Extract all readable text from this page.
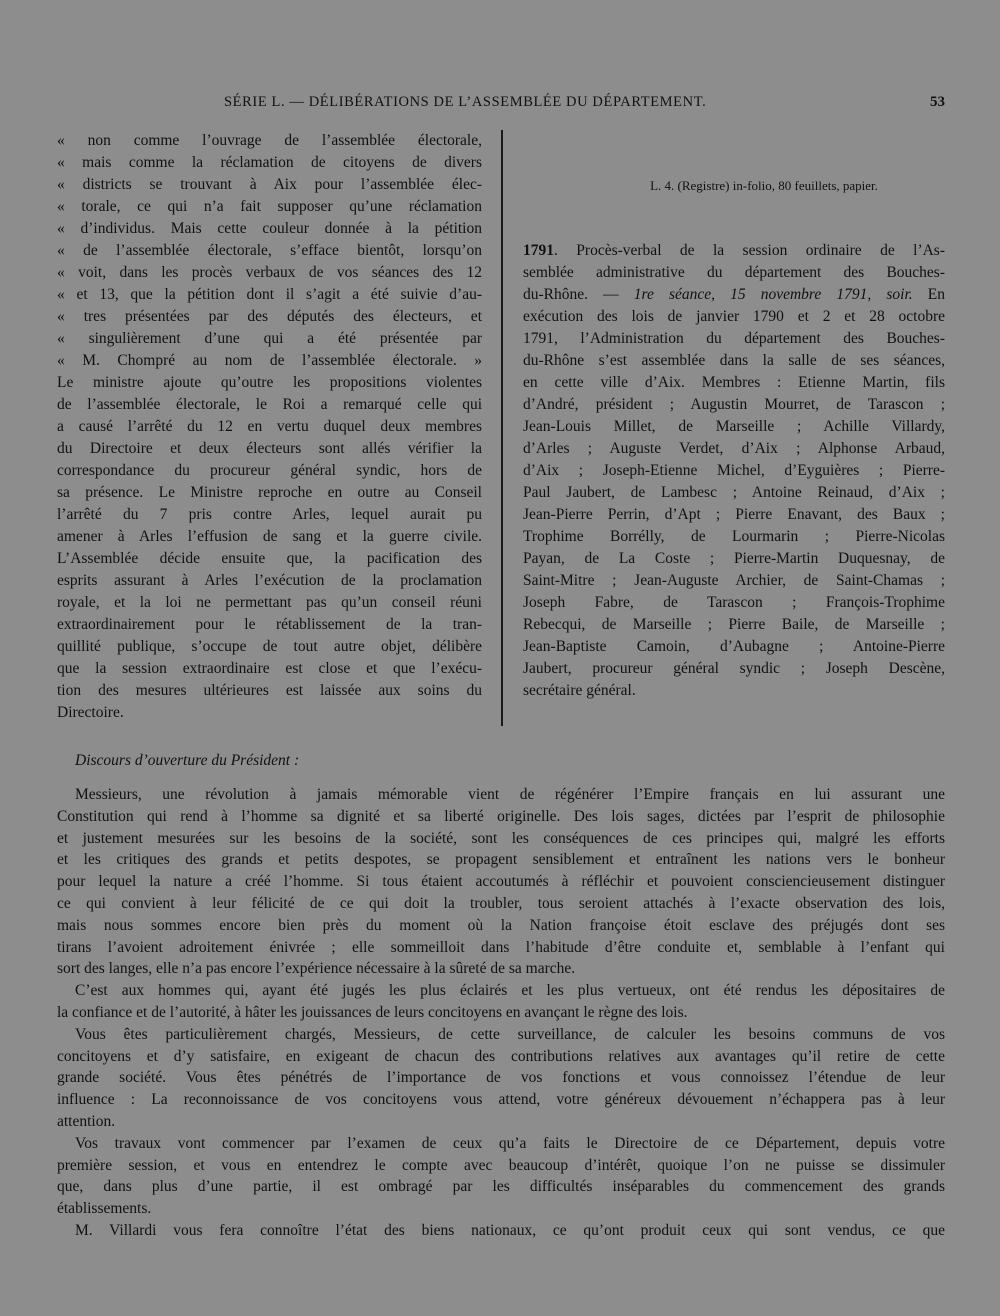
SÉRIE L. — DÉLIBÉRATIONS DE L’ASSEMBLÉE DU DÉPARTEMENT.	53
« non comme l’ouvrage de l’assemblée électorale,
« mais comme la réclamation de citoyens de divers
« districts se trouvant à Aix pour l’assemblée élec-
« torale, ce qui n’a fait supposer qu’une réclamation
« d’individus. Mais cette couleur donnée à la pétition
« de l’assemblée électorale, s’efface bientôt, lorsqu’on
« voit, dans les procès verbaux de vos séances des 12
« et 13, que la pétition dont il s’agit a été suivie d’au-
« tres présentées par des députés des électeurs, et
« singulièrement d’une qui a été présentée par
« M. Chompré au nom de l’assemblée électorale. »
Le ministre ajoute qu’outre les propositions violentes
de l’assemblée électorale, le Roi a remarqué celle qui
a causé l’arrêté du 12 en vertu duquel deux membres
du Directoire et deux électeurs sont allés vérifier la
correspondance du procureur général syndic, hors de
sa présence. Le Ministre reproche en outre au Conseil
l’arrêté du 7 pris contre Arles, lequel aurait pu
amener à Arles l’effusion de sang et la guerre civile.
L’Assemblée décide ensuite que, la pacification des
esprits assurant à Arles l’exécution de la proclamation
royale, et la loi ne permettant pas qu’un conseil réuni
extraordinairement pour le rétablissement de la tran-
quillité publique, s’occupe de tout autre objet, délibère
que la session extraordinaire est close et que l’exécu-
tion des mesures ultérieures est laissée aux soins du
Directoire.
L. 4. (Registre) in-folio, 80 feuillets, papier.
1791. Procès-verbal de la session ordinaire de l’As-
semblée administrative du département des Bouches-
du-Rhône. — 1re séance, 15 novembre 1791, soir. En
exécution des lois de janvier 1790 et 2 et 28 octobre
1791, l’Administration du département des Bouches-
du-Rhône s’est assemblée dans la salle de ses séances,
en cette ville d’Aix. Membres : Etienne Martin, fils
d’André, président ; Augustin Mourret, de Tarascon ;
Jean-Louis Millet, de Marseille ; Achille Villardy,
d’Arles ; Auguste Verdet, d’Aix ; Alphonse Arbaud,
d’Aix ; Joseph-Etienne Michel, d’Eyguières ; Pierre-
Paul Jaubert, de Lambesc ; Antoine Reinaud, d’Aix ;
Jean-Pierre Perrin, d’Apt ; Pierre Enavant, des Baux ;
Trophime Borrélly, de Lourmarin ; Pierre-Nicolas
Payan, de La Coste ; Pierre-Martin Duquesnay, de
Saint-Mitre ; Jean-Auguste Archier, de Saint-Chamas ;
Joseph Fabre, de Tarascon ; François-Trophime
Rebecqui, de Marseille ; Pierre Baile, de Marseille ;
Jean-Baptiste Camoin, d’Aubagne ; Antoine-Pierre
Jaubert, procureur général syndic ; Joseph Descène,
secrétaire général.
Discours d’ouverture du Président :
Messieurs, une révolution à jamais mémorable vient de régénérer l’Empire français en lui assurant une
Constitution qui rend à l’homme sa dignité et sa liberté originelle. Des lois sages, dictées par l’esprit de philosophie
et justement mesurées sur les besoins de la société, sont les conséquences de ces principes qui, malgré les efforts
et les critiques des grands et petits despotes, se propagent sensiblement et entraînent les nations vers le bonheur
pour lequel la nature a créé l’homme. Si tous étaient accoutumés à réfléchir et pouvoient consciencieusement distinguer
ce qui convient à leur félicité de ce qui doit la troubler, tous seroient attachés à l’exacte observation des lois,
mais nous sommes encore bien près du moment où la Nation françoise étoit esclave des préjugés dont ses
tirans l’avoient adroitement énivrée ; elle sommeilloit dans l’habitude d’être conduite et, semblable à l’enfant qui
sort des langes, elle n’a pas encore l’expérience nécessaire à la sûreté de sa marche.
C’est aux hommes qui, ayant été jugés les plus éclairés et les plus vertueux, ont été rendus les dépositaires de
la confiance et de l’autorité, à hâter les jouissances de leurs concitoyens en avançant le règne des lois.
Vous êtes particulièrement chargés, Messieurs, de cette surveillance, de calculer les besoins communs de vos
concitoyens et d’y satisfaire, en exigeant de chacun des contributions relatives aux avantages qu’il retire de cette
grande société. Vous êtes pénétrés de l’importance de vos fonctions et vous connoissez l’étendue de leur
influence : La reconnoissance de vos concitoyens vous attend, votre généreux dévouement n’échappera pas à leur
attention.
Vos travaux vont commencer par l’examen de ceux qu’a faits le Directoire de ce Département, depuis votre
première session, et vous en entendrez le compte avec beaucoup d’intérêt, quoique l’on ne puisse se dissimuler
que, dans plus d’une partie, il est ombragé par les difficultés inséparables du commencement des grands
établissements.
M. Villardi vous fera connoître l’état des biens nationaux, ce qu’ont produit ceux qui sont vendus, ce que
